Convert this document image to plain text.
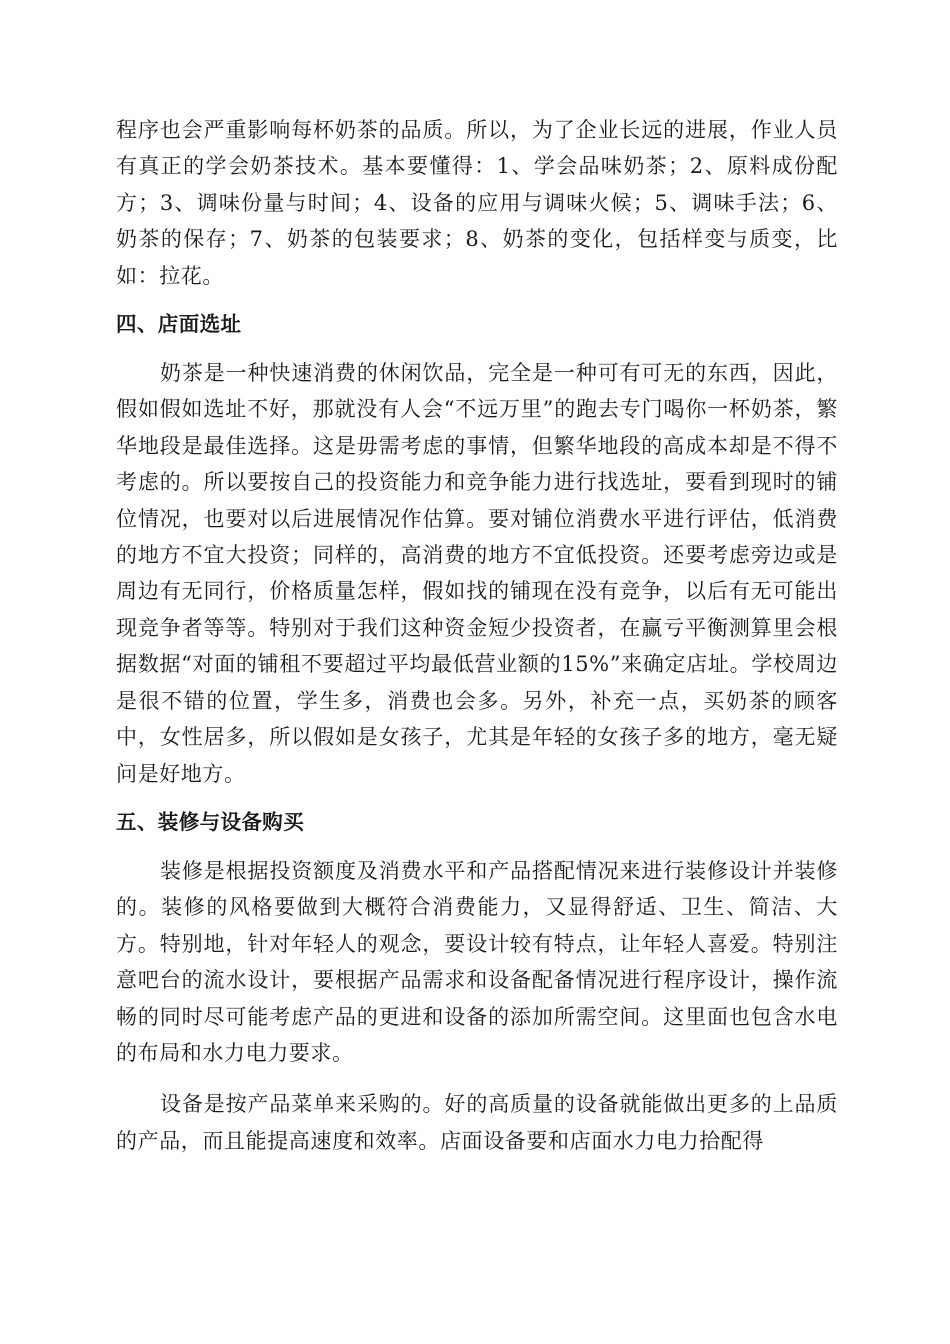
程序也会严重影响每杯奶茶的品质。所以，为了企业长远的进展，作业人员有真正的学会奶茶技术。基本要懂得：1、学会品味奶茶；2、原料成份配方；3、调味份量与时间；4、设备的应用与调味火候；5、调味手法；6、奶茶的保存；7、奶茶的包装要求；8、奶茶的变化，包括样变与质变，比如：拉花。

四、店面选址

奶茶是一种快速消费的休闲饮品，完全是一种可有可无的东西，因此，假如假如选址不好，那就没有人会“不远万里”的跑去专门喝你一杯奶茶，繁华地段是最佳选择。这是毋需考虑的事情，但繁华地段的高成本却是不得不考虑的。所以要按自己的投资能力和竞争能力进行找选址，要看到现时的铺位情况，也要对以后进展情况作估算。要对铺位消费水平进行评估，低消费的地方不宜大投资；同样的，高消费的地方不宜低投资。还要考虑旁边或是周边有无同行，价格质量怎样，假如找的铺现在没有竞争，以后有无可能出现竞争者等等。特别对于我们这种资金短少投资者，在赢亏平衡测算里会根据数据“对面的铺租不要超过平均最低营业额的15%”来确定店址。学校周边是很不错的位置，学生多，消费也会多。另外，补充一点，买奶茶的顾客中，女性居多，所以假如是女孩子，尤其是年轻的女孩子多的地方，毫无疑问是好地方。

五、装修与设备购买

装修是根据投资额度及消费水平和产品搭配情况来进行装修设计并装修的。装修的风格要做到大概符合消费能力，又显得舒适、卫生、简洁、大方。特别地，针对年轻人的观念，要设计较有特点，让年轻人喜爱。特别注意吧台的流水设计，要根据产品需求和设备配备情况进行程序设计，操作流畅的同时尽可能考虑产品的更进和设备的添加所需空间。这里面也包含水电的布局和水力电力要求。

设备是按产品菜单来采购的。好的高质量的设备就能做出更多的上品质的产品，而且能提高速度和效率。店面设备要和店面水力电力拾配得
